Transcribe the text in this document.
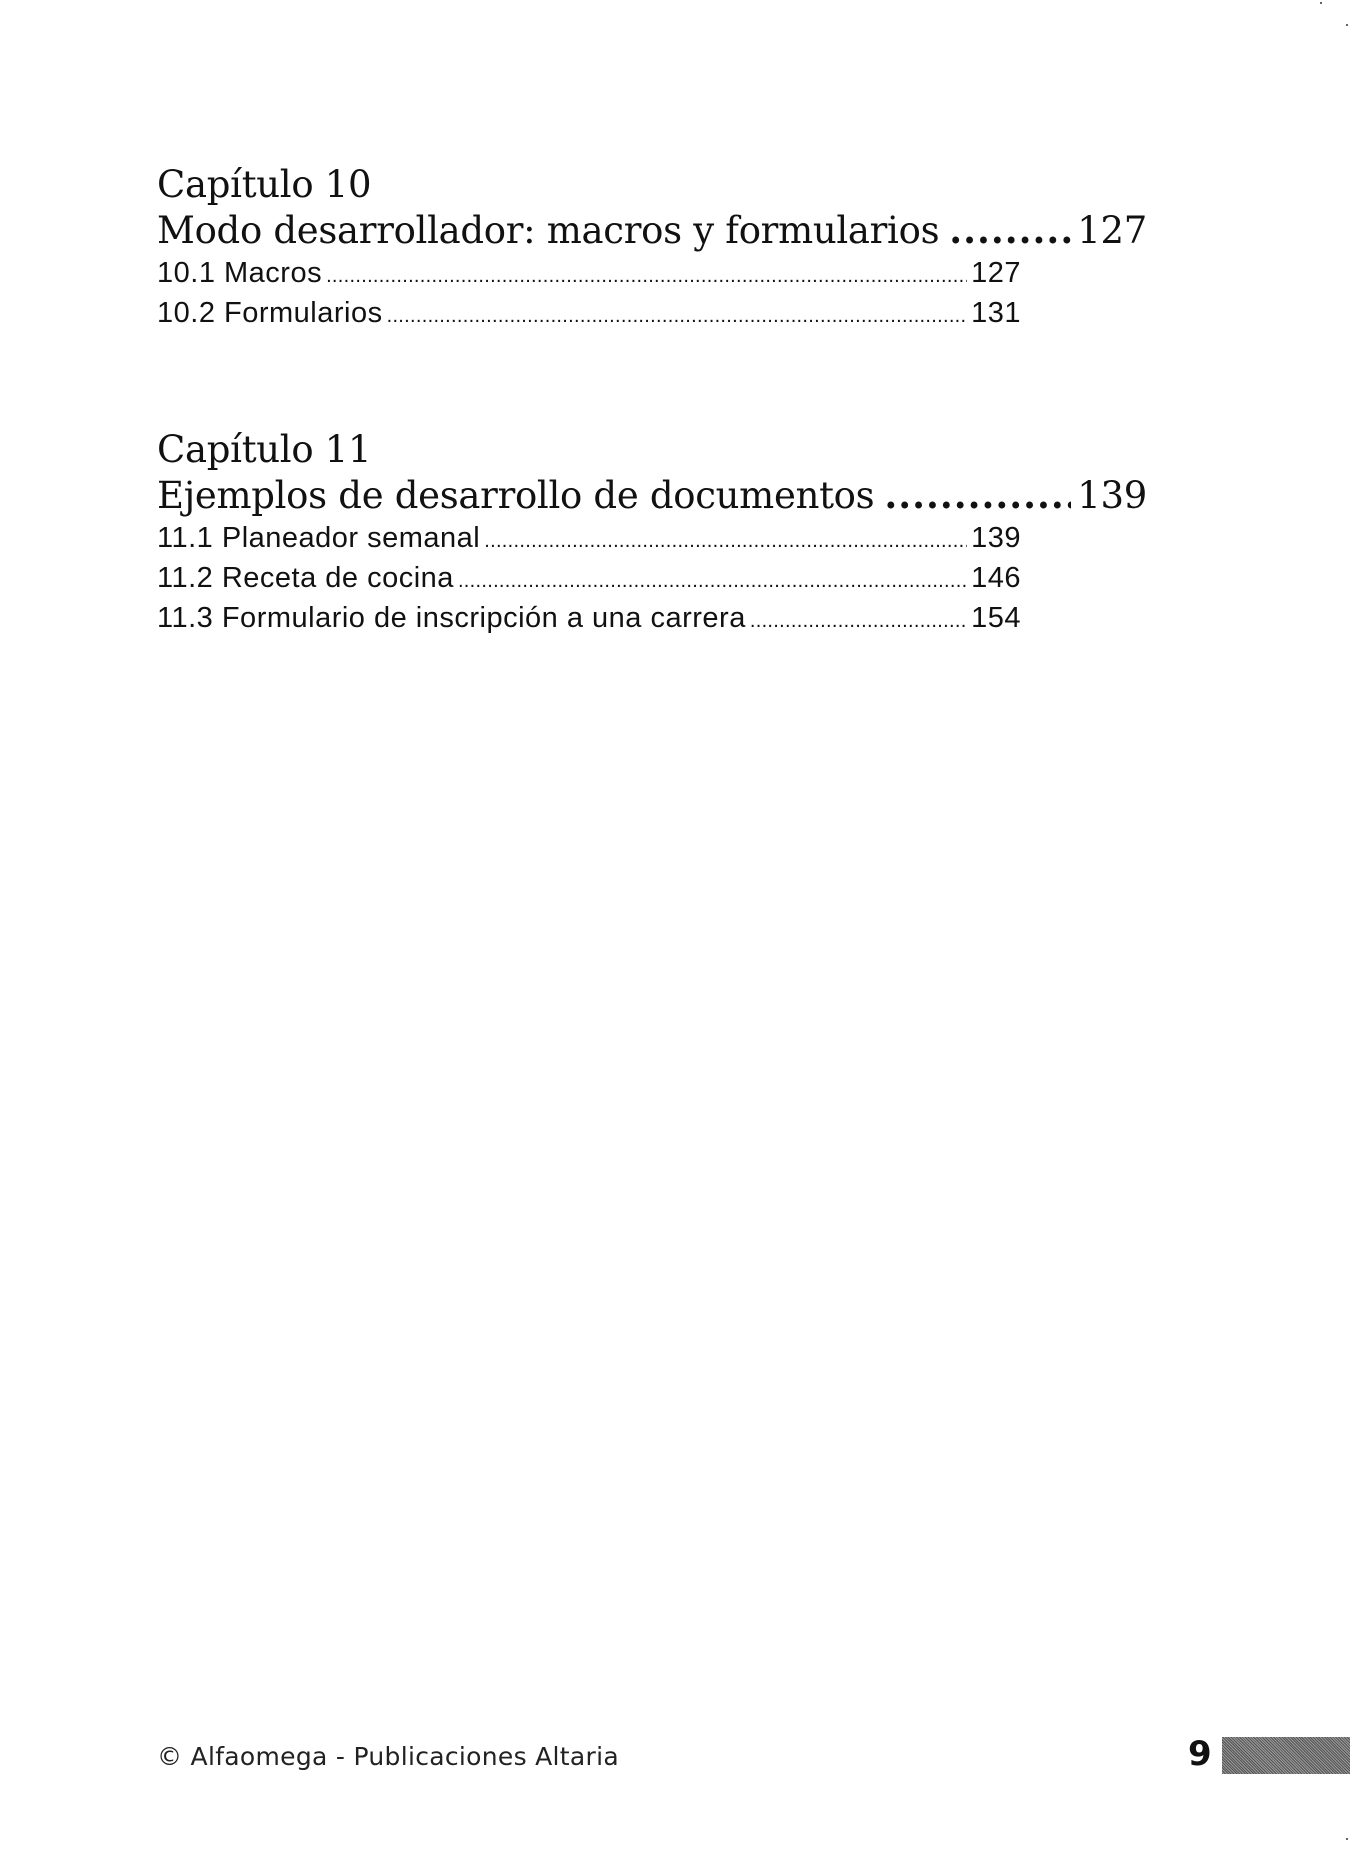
Capítulo 10
Modo desarrollador: macros y formularios .....	127
10.1 Macros .....	127
10.2 Formularios .....	131
Capítulo 11
Ejemplos de desarrollo de documentos .....	139
11.1 Planeador semanal .....	139
11.2 Receta de cocina .....	146
11.3 Formulario de inscripción a una carrera .....	154
© Alfaomega - Publicaciones Altaria	9
